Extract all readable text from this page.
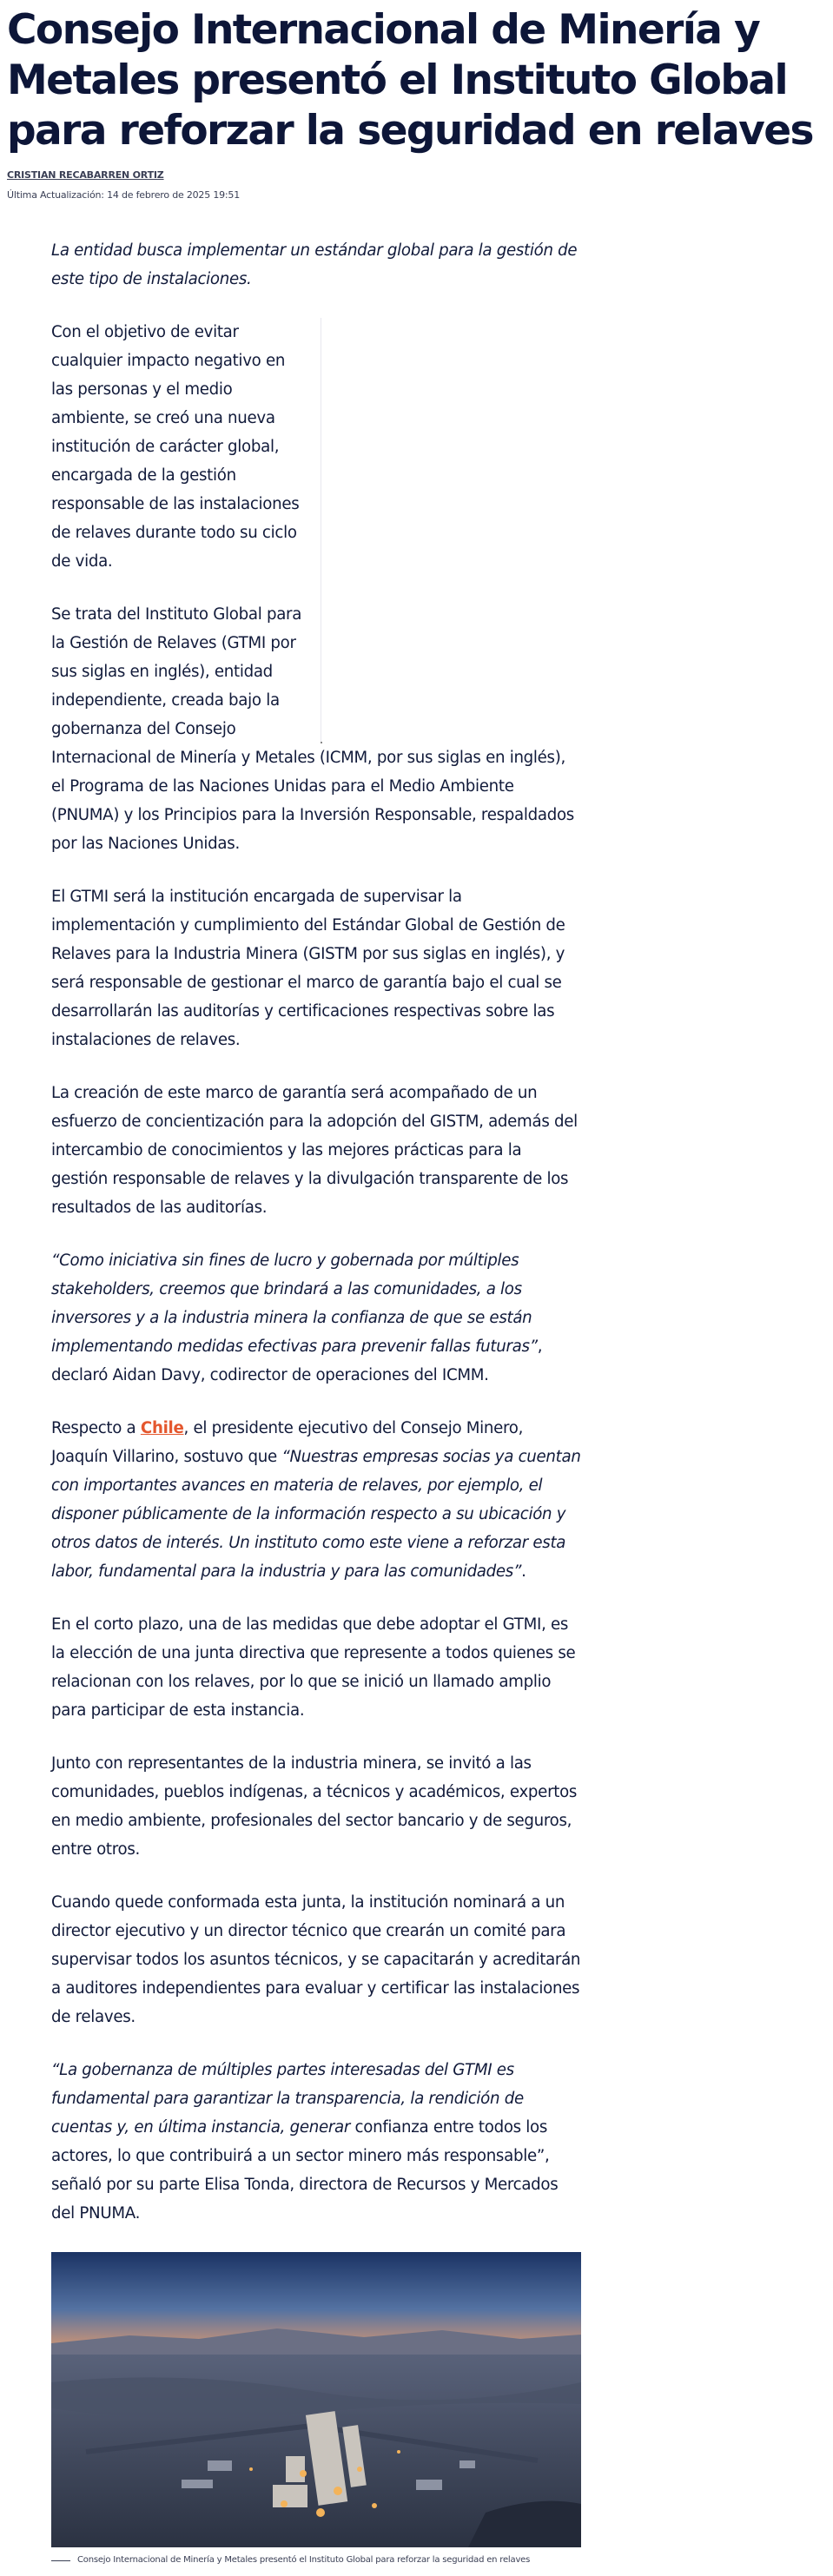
Consejo Internacional de Minería y Metales presentó el Instituto Global para reforzar la seguridad en relaves
CRISTIAN RECABARREN ORTIZ
Última Actualización: 14 de febrero de 2025 19:51

La entidad busca implementar un estándar global para la gestión de este tipo de instalaciones.

Con el objetivo de evitar cualquier impacto negativo en las personas y el medio ambiente, se creó una nueva institución de carácter global, encargada de la gestión responsable de las instalaciones de relaves durante todo su ciclo de vida.

Se trata del Instituto Global para la Gestión de Relaves (GTMI por sus siglas en inglés), entidad independiente, creada bajo la gobernanza del Consejo Internacional de Minería y Metales (ICMM, por sus siglas en inglés), el Programa de las Naciones Unidas para el Medio Ambiente (PNUMA) y los Principios para la Inversión Responsable, respaldados por las Naciones Unidas.

El GTMI será la institución encargada de supervisar la implementación y cumplimiento del Estándar Global de Gestión de Relaves para la Industria Minera (GISTM por sus siglas en inglés), y será responsable de gestionar el marco de garantía bajo el cual se desarrollarán las auditorías y certificaciones respectivas sobre las instalaciones de relaves.

La creación de este marco de garantía será acompañado de un esfuerzo de concientización para la adopción del GISTM, además del intercambio de conocimientos y las mejores prácticas para la gestión responsable de relaves y la divulgación transparente de los resultados de las auditorías.

“Como iniciativa sin fines de lucro y gobernada por múltiples stakeholders, creemos que brindará a las comunidades, a los inversores y a la industria minera la confianza de que se están implementando medidas efectivas para prevenir fallas futuras”, declaró Aidan Davy, codirector de operaciones del ICMM.

Respecto a Chile, el presidente ejecutivo del Consejo Minero, Joaquín Villarino, sostuvo que “Nuestras empresas socias ya cuentan con importantes avances en materia de relaves, por ejemplo, el disponer públicamente de la información respecto a su ubicación y otros datos de interés. Un instituto como este viene a reforzar esta labor, fundamental para la industria y para las comunidades”.

En el corto plazo, una de las medidas que debe adoptar el GTMI, es la elección de una junta directiva que represente a todos quienes se relacionan con los relaves, por lo que se inició un llamado amplio para participar de esta instancia.

Junto con representantes de la industria minera, se invitó a las comunidades, pueblos indígenas, a técnicos y académicos, expertos en medio ambiente, profesionales del sector bancario y de seguros, entre otros.

Cuando quede conformada esta junta, la institución nominará a un director ejecutivo y un director técnico que crearán un comité para supervisar todos los asuntos técnicos, y se capacitarán y acreditarán a auditores independientes para evaluar y certificar las instalaciones de relaves.

“La gobernanza de múltiples partes interesadas del GTMI es fundamental para garantizar la transparencia, la rendición de cuentas y, en última instancia, generar confianza entre todos los actores, lo que contribuirá a un sector minero más responsable”, señaló por su parte Elisa Tonda, directora de Recursos y Mercados del PNUMA.

Consejo Internacional de Minería y Metales presentó el Instituto Global para reforzar la seguridad en relaves
